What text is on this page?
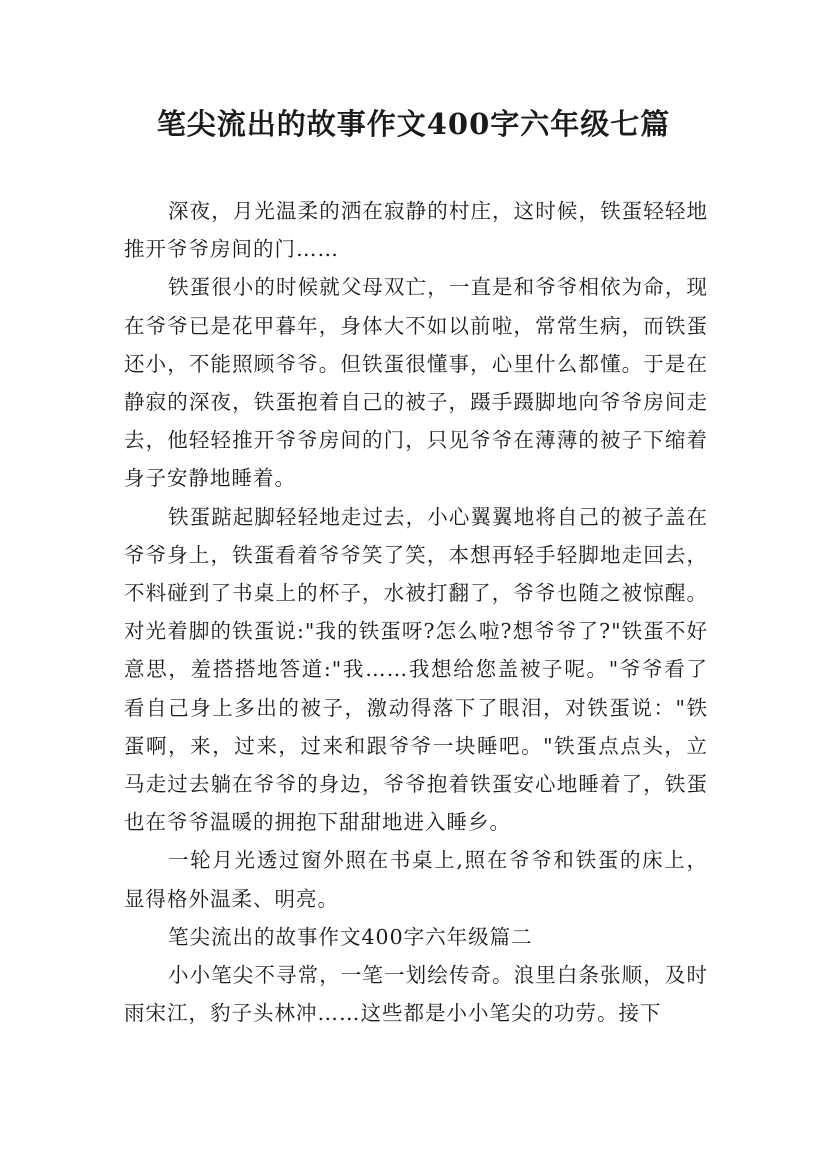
笔尖流出的故事作文400字六年级七篇

深夜，月光温柔的洒在寂静的村庄，这时候，铁蛋轻轻地推开爷爷房间的门……

铁蛋很小的时候就父母双亡，一直是和爷爷相依为命，现在爷爷已是花甲暮年，身体大不如以前啦，常常生病，而铁蛋还小，不能照顾爷爷。但铁蛋很懂事，心里什么都懂。于是在静寂的深夜，铁蛋抱着自己的被子，蹑手蹑脚地向爷爷房间走去，他轻轻推开爷爷房间的门，只见爷爷在薄薄的被子下缩着身子安静地睡着。

铁蛋踮起脚轻轻地走过去，小心翼翼地将自己的被子盖在爷爷身上，铁蛋看着爷爷笑了笑，本想再轻手轻脚地走回去，不料碰到了书桌上的杯子，水被打翻了，爷爷也随之被惊醒。对光着脚的铁蛋说:"我的铁蛋呀?怎么啦?想爷爷了?"铁蛋不好意思，羞搭搭地答道:"我……我想给您盖被子呢。"爷爷看了看自己身上多出的被子，激动得落下了眼泪，对铁蛋说："铁蛋啊，来，过来，过来和跟爷爷一块睡吧。"铁蛋点点头，立马走过去躺在爷爷的身边，爷爷抱着铁蛋安心地睡着了，铁蛋也在爷爷温暖的拥抱下甜甜地进入睡乡。

一轮月光透过窗外照在书桌上,照在爷爷和铁蛋的床上，显得格外温柔、明亮。

笔尖流出的故事作文400字六年级篇二

小小笔尖不寻常，一笔一划绘传奇。浪里白条张顺，及时雨宋江，豹子头林冲……这些都是小小笔尖的功劳。接下
